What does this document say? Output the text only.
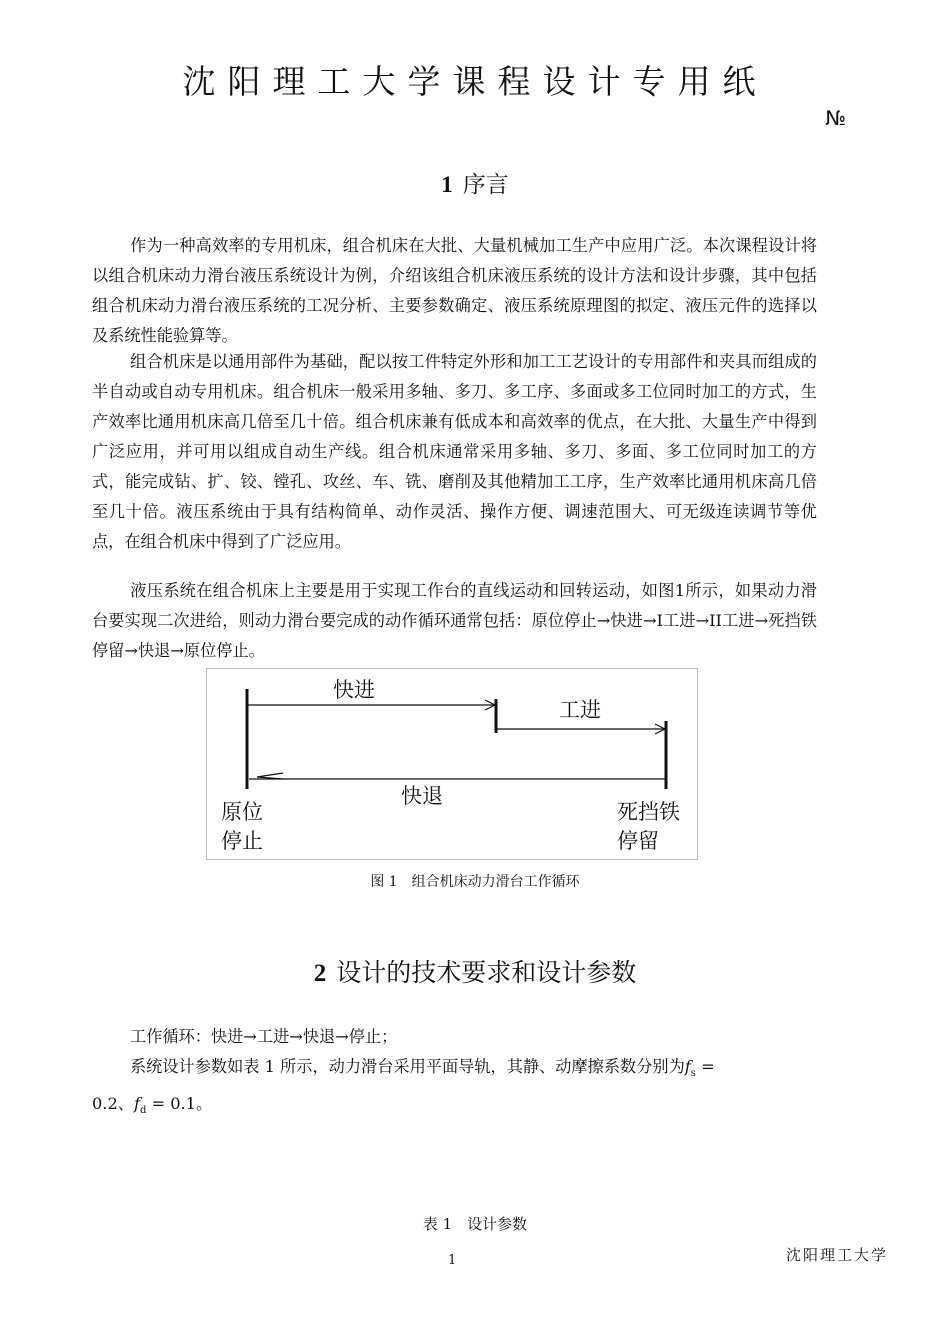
沈阳理工大学课程设计专用纸
№
1 序言

作为一种高效率的专用机床，组合机床在大批、大量机械加工生产中应用广泛。本次课程设计将以组合机床动力滑台液压系统设计为例，介绍该组合机床液压系统的设计方法和设计步骤，其中包括组合机床动力滑台液压系统的工况分析、主要参数确定、液压系统原理图的拟定、液压元件的选择以及系统性能验算等。

组合机床是以通用部件为基础，配以按工件特定外形和加工工艺设计的专用部件和夹具而组成的半自动或自动专用机床。组合机床一般采用多轴、多刀、多工序、多面或多工位同时加工的方式，生产效率比通用机床高几倍至几十倍。组合机床兼有低成本和高效率的优点，在大批、大量生产中得到广泛应用，并可用以组成自动生产线。组合机床通常采用多轴、多刀、多面、多工位同时加工的方式，能完成钻、扩、铰、镗孔、攻丝、车、铣、磨削及其他精加工工序，生产效率比通用机床高几倍至几十倍。液压系统由于具有结构简单、动作灵活、操作方便、调速范围大、可无级连读调节等优点，在组合机床中得到了广泛应用。

液压系统在组合机床上主要是用于实现工作台的直线运动和回转运动，如图1所示，如果动力滑台要实现二次进给，则动力滑台要完成的动作循环通常包括：原位停止→快进→I工进→II工进→死挡铁停留→快退→原位停止。

快进
工进
快退
原位
停止
死挡铁
停留
图 1　组合机床动力滑台工作循环
2 设计的技术要求和设计参数

工作循环：快进→工进→快退→停止；

系统设计参数如表 1 所示，动力滑台采用平面导轨，其静、动摩擦系数分别为$f_s$ =
0.2、$f_d = 0.1$。

表 1　设计参数
沈阳理工大学
1
